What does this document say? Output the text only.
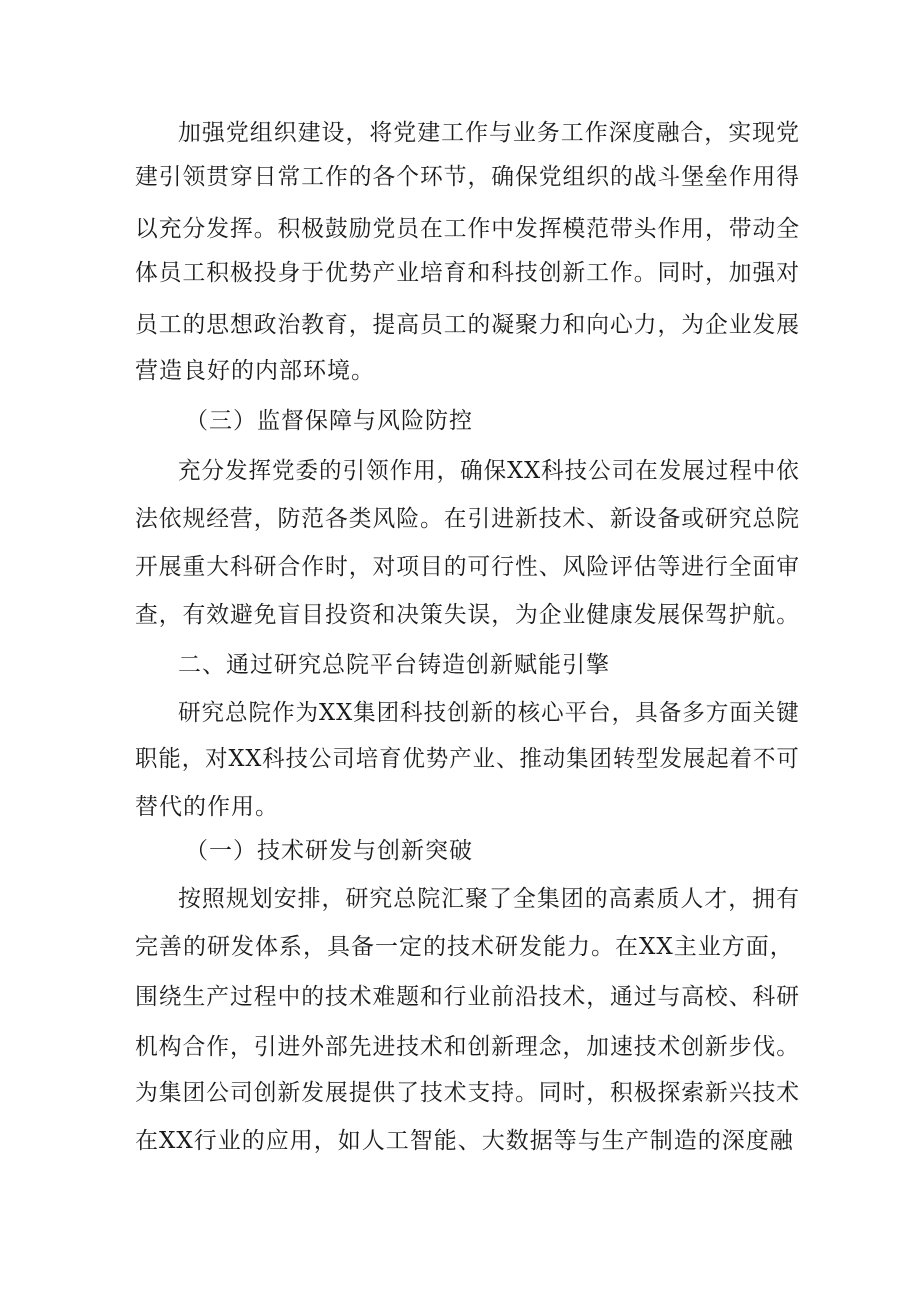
加强党组织建设，将党建工作与业务工作深度融合，实现党
建引领贯穿日常工作的各个环节，确保党组织的战斗堡垒作用得
以充分发挥。积极鼓励党员在工作中发挥模范带头作用，带动全
体员工积极投身于优势产业培育和科技创新工作。同时，加强对
员工的思想政治教育，提高员工的凝聚力和向心力，为企业发展
营造良好的内部环境。
（三）监督保障与风险防控
充分发挥党委的引领作用，确保XX科技公司在发展过程中依
法依规经营，防范各类风险。在引进新技术、新设备或研究总院
开展重大科研合作时，对项目的可行性、风险评估等进行全面审
查，有效避免盲目投资和决策失误，为企业健康发展保驾护航。
二、通过研究总院平台铸造创新赋能引擎
研究总院作为XX集团科技创新的核心平台，具备多方面关键
职能，对XX科技公司培育优势产业、推动集团转型发展起着不可
替代的作用。
（一）技术研发与创新突破
按照规划安排，研究总院汇聚了全集团的高素质人才，拥有
完善的研发体系，具备一定的技术研发能力。在XX主业方面，
围绕生产过程中的技术难题和行业前沿技术，通过与高校、科研
机构合作，引进外部先进技术和创新理念，加速技术创新步伐。
为集团公司创新发展提供了技术支持。同时，积极探索新兴技术
在XX行业的应用，如人工智能、大数据等与生产制造的深度融
